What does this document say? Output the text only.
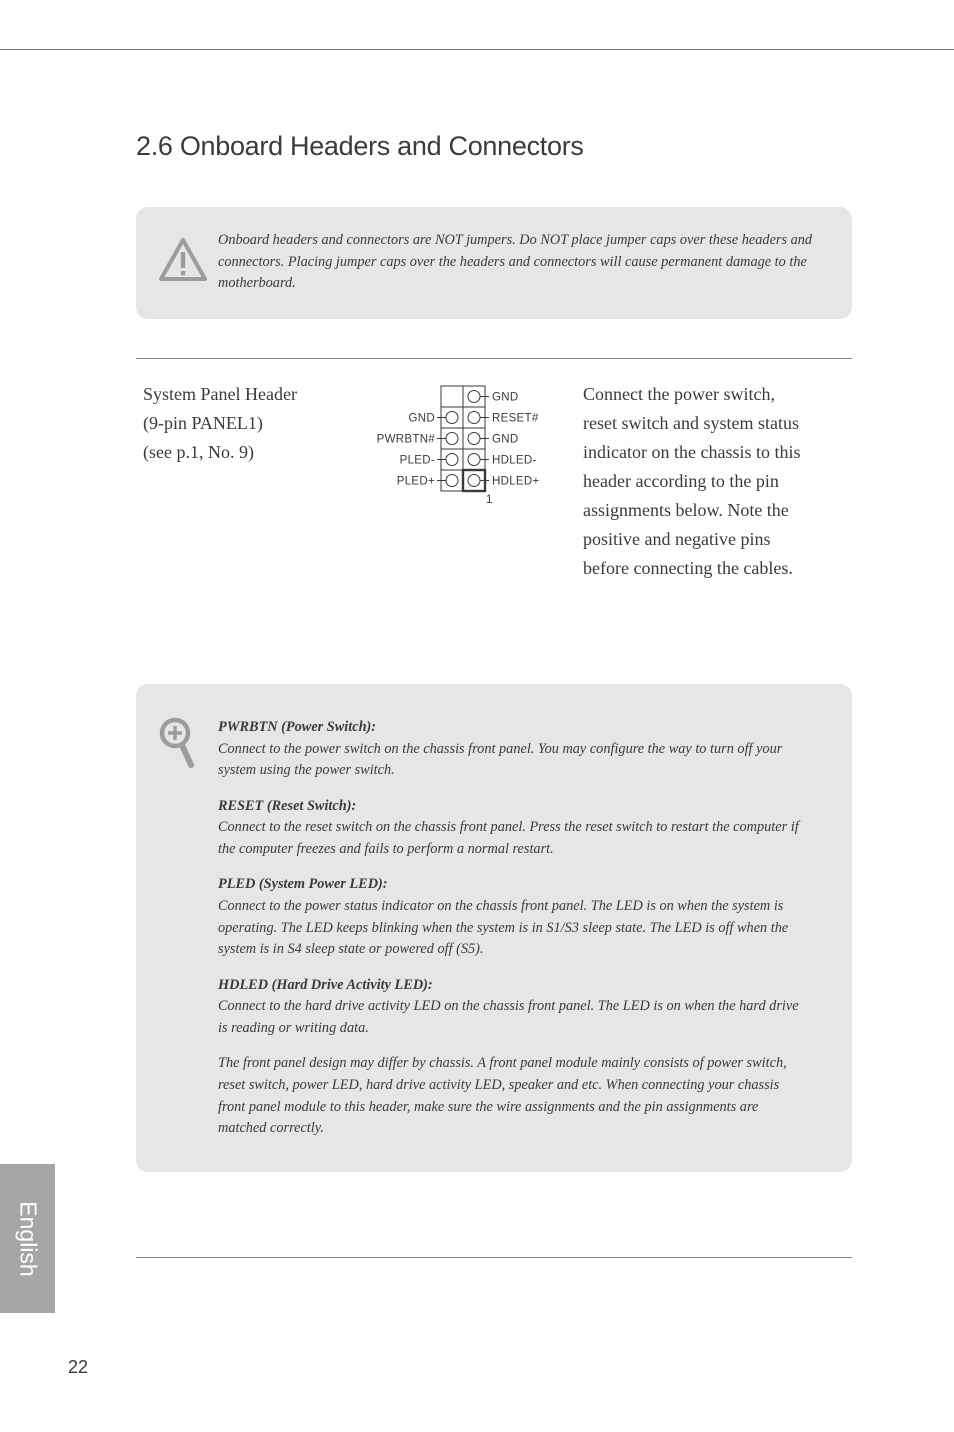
2.6 Onboard Headers and Connectors

Onboard headers and connectors are NOT jumpers. Do NOT place jumper caps over these headers and connectors. Placing jumper caps over the headers and connectors will cause permanent damage to the motherboard.

System Panel Header
(9-pin PANEL1)
(see p.1, No. 9)
GND
PWRBTN#
PLED-
PLED+
GND
RESET#
GND
HDLED-
HDLED+
1

Connect the power switch, reset switch and system status indicator on the chassis to this header according to the pin assignments below. Note the positive and negative pins before connecting the cables.

PWRBTN (Power Switch):

Connect to the power switch on the chassis front panel. You may configure the way to turn off your system using the power switch.

RESET (Reset Switch):

Connect to the reset switch on the chassis front panel. Press the reset switch to restart the computer if the computer freezes and fails to perform a normal restart.

PLED (System Power LED):

Connect to the power status indicator on the chassis front panel. The LED is on when the system is operating. The LED keeps blinking when the system is in S1/S3 sleep state. The LED is off when the system is in S4 sleep state or powered off (S5).

HDLED (Hard Drive Activity LED):

Connect to the hard drive activity LED on the chassis front panel. The LED is on when the hard drive is reading or writing data.

The front panel design may differ by chassis. A front panel module mainly consists of power switch, reset switch, power LED, hard drive activity LED, speaker and etc. When connecting your chassis front panel module to this header, make sure the wire assignments and the pin assignments are matched correctly.

English
22
